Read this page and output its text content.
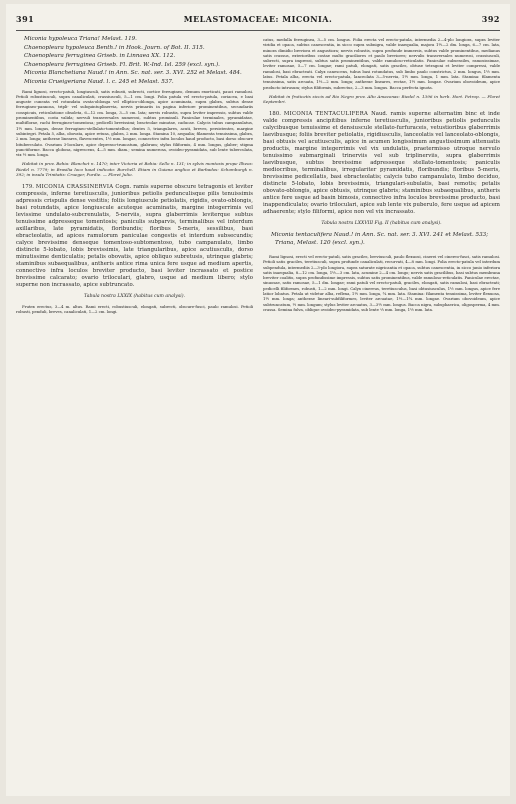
391	MELASTOMACEAE: MICONIA.	392

Miconia hypoleuca Triana! Melast. 119.

Chaenopleura hypoleuca Benth.! in Hook. Journ. of Bot. II. 315.

Chaenopleura ferruginea Griseb. in Linnaea XX. 112.

Chaenopleura ferruginea Griseb. Fl. Brit. W.-Ind. Isl. 259 (excl. syn.).

Miconia Blanchetiana Naud.! in Ann. Sc. nat. ser. 3. XVI. 252 et Melast. 484.

Miconia Crueigeriana Naud. l. c. 245 et Melast. 537.

Rami lignosi, erecto-patuli, longiusculi, satis robusti, subrecti, cortice ferrugineo, demum exorticati, pauci ramulosi. Petioli robustiusculi, supra canaliculati, crassiusculi, 5—1 cm. longi. Folia patula vel erecto-patula, coriacea, e basi anguste cuneata vel rotundata ovata-oblonga vel elliptico-oblonga, apice acuminata, supra glabra, subtus dense ferrugineo-pannosa, tripli- vel subquintuplinervia, nervis primariis in pagina inferiore prominentibus, secundariis conspicuis, reticulatione obsoleta, 6—12 cm. longa, 3—5 cm. lata; nervis robustis, supra leviter impressis, subtus valde prominentibus, costa valida; nervuli transversales numerosi, subtus prominuli. Paniculae terminales, pyramidatae, multiflorae, rachi ferrugineo-tomentosa; pedicelli brevissimi; bracteolae minutae, caducae. Calycis tubus campanulatus, 1½ mm. longus, dense ferrugineo-stellulato-tomentellus; dentes 5, triangulares, acuti, breves, persistentes, margine subintegri. Petala 5, alba, obovata, apice retusa, glabra, 2 mm. longa. Stamina 10, aequalia; filamenta tenuissima, glabra, 2 mm. longa; antherae lineares, flavescentes, 1½ mm. longae, connectivo infra loculos haud producto, basi dorso obscure bituberculato. Ovarium 3-loculare, apice depresso-truncatum, glabrum; stylus filiformis, 4 mm. longus, glaber; stigma punctiforme. Bacca globosa, nigrescens, 4—5 mm. diam.; semina numerosa, ovoideo-pyramidata, sub lente tuberculata, vix ½ mm. longa.

Habitat in prov. Bahia: Blanchet n. 1470; inter Victoria et Bahia: Sello n. 131; in sylvis montosis prope Ilheos: Riedel n. 7779; in Brasilia loco haud indicato: Burchell. Etiam in Guiana anglica et Barbados: Schomburgk n. 392; in insula Trinitatis: Crueger, Purdie. — Floret Julio.

179. MICONIA CRASSINERVIA Cogn. ramis superne obscure tetragonis et leviter compressis, inferne teretiusculis, junioribus petiolis pedunculisque pilis tenuissimis adpressis crispulis dense vestitis; foliis longiuscule petiolatis, rigidis, ovato-oblongis, basi rotundatis, apice longiuscule acuteque acuminatis, margine integerrimis vel levissime undulato-subcrenulatis, 5-nerviis, supra glaberrimis leviterque subtus tenuissime adpresseque tomentosis; paniculis subparvis, terminalibus vel interdum axillaribus, late pyramidatis, floribundis; floribus 5-meris, sessilibus, basi ebracteolatis, ad apices ramulorum paniculae congestis et interdum subsecundis; calyce brevissime denseque tomentoso-subtomentoso, tubo campanulato, limbo distincte 5-lobato, lobis brevissimis, late triangularibus, apice acutiusculis, dorso minutissime denticulatis; petalis obovatis, apice obliquo subretusis, utrinque glabris; staminibus subaequalibus, antheris antice rima unica fere usque ad medium apertis, connectivo infra loculos breviter producto, basi leviter incrassato et postice brevissime calcarato; ovario triloculari, glabro, usque ad medium libero; stylo superne non incrassato, apice subtruncato.

Tabula nostra LXXIX (habitus cum analysi).

Frutex erectus, 3—4 m. altus. Rami erecti, robustiusculi, elongati, subrecti, obscure-fusci, paulo ramulosi. Petioli robusti, penduli, breves, canaliculati, 1—2 cm. longi.

catus, medulla ferruginea, 3—5 cm. longus. Folia erecta vel erecto-patula, intermedia 2—4-plo longiora, supra leviter viridia et opaca, subtus canescentia, in sicco supra subnigra, valde inaequalia, majora 1½—2 dm. longa, 6—7 cm. lata, minora dimidio breviora et angustiora; nervis robustis, supra profunde immersis, subtus valde prominentibus, medianus satis crassus, exterioribus costae multo graciliores et paulo breviores; nervulis transversales numerosi, crassiusculi, subrecti, supra impressi, subtus satis prominentibus, valde ramuloso-reticulatis. Paniculae subsessiles, ramosissimae, leviter ramosae, 5—7 cm. longae; rami patuli, elongati, satis graciles, obtuse tetragoni et leviter compressi, valde ramulosi, basi ebracteati. Calyx canescens, tubus basi rotundatus, sub limbo paulo constrictus, 2 mm. longus, 1½ mm. latus. Petala alba, erecta vel erecto-patula, lanceolata 3—5-nervia, 1½ mm. longa, 1 mm. lata. Stamina: filamenta tenuissima, satis arcuata, 1½—2 mm. longa; antherae lineares, rectae, 1½ mm. longae. Ovarium obovoideum, apice producto intrusum; stylus filiformis, subrectus, 2—3 mm. longus. Bacca perfecta ignota.

Habitat in fruticetis siccis ad Rio Negro prov. Alto Amazonas: Riedel n. 1396 in herb. Hort. Petrop. — Floret Septembri.

180. MICONIA TENTACULIFERA Naud. ramis superne alternatim binc et inde valde compressis ancipitibus inferne teretiusculis, junioribus petiolis pedunculis calycibusque tenuissime et densiuscule stellato-furfuraceis, vetustioribus glaberrimis laevibusque; foliis breviter petiolatis, rigidiusculis, lanceolatis vel lanceolato-oblongis, basi obtusis vel acutiusculis, apice in acumen longissimum angustissimum attenuatis productis, margine integerrimis vel vix undulatis, praetermisso utroque nervulo tenuissimo submarginali trinerviis vel sub triplinerviis, supra glaberrimis laevibusque, subtus brevissime adpresseque stellato-tomentosis; paniculis mediocribus, terminalibus, irregulariter pyramidatis, floribundis; floribus 5-meris, brevissime pedicellatis, basi ebracteolatis; calycis tubo campanulato, limbo deciduo, distincte 5-lobato, lobis brevissimis, triangulari-subulatis, basi remotis; petalis obovato-oblongis, apice obtusis, utrinque glabris; staminibus subaequalibus, antheris antice fere usque ad basin bimosis, connectivo infra loculos brevissime producto, basi inappendiculato; ovario triloculari, apice sub lente vix puberulo, fere usque ad apicem adhaerente; stylo filiformi, apice non vel vix incrassato.

Tabula nostra LXXVIII Fig. II (habitus cum analysi).

Miconia tentaculifera Naud.! in Ann. Sc. nat. ser. 3. XVI. 241 et Melast. 533; Triana, Melast. 120 (excl. syn.).

Rami lignosi, erecti vel erecto-patuli, satis graciles, breviusculi, paulo flexuosi, cinerei vel cinereo-fusci, satis ramulosi. Petioli satis graciles, teretiusculi, supra profunde canaliculati, recurvati, 4—8 mm. longi. Folia erecto-patula vel interdum subpendula, intermediis 2—3-plo longiora, supra saturate nigricantia et opaca, subtus canescentia, in sicco junio inferiora satis inaequalia, 8—12 cm. longa, 1½—3 cm. lata, acumine 2—4 cm. longo; nervis satis gracilibus, basi subtus membrana breviter coalitis, supra profundissime impressis, subtus satis prominentibus, valde ramuloso-reticulatis. Paniculae erectae, sinuosae, satis ramosae, 5—1 dm. longae; rami patuli vel erecto-patuli, graciles, elongati, satis ramulosi, basi ebracteati; pedicelli filiformes, robusti, 1—2 mm. longi. Calyx cinereus, teretiusculus, basi obtusiusculus, 1½ mm. longus, apice fere latior lobatus. Petala ut videtur alba, reflexa, 1½ mm. longa, ¾ mm. lata. Stamina: filamenta tenuissima, leviter flexuosa, 1½ mm. longa; antherae lineari-subfiliformes, leviter arcuatae, 1½—1¾ mm. longae. Ovarium obovoideum, apice subtruncatum, ½ mm. longum; stylus leviter arcuatus, 3—3½ mm. longus. Bacca nigra, subsphaerica, oligosperma, 4 mm. crassa. Semina fulva, oblique ovoideo-pyramidata, sub lente ⅓ mm. longa, 1½ mm. lata.
